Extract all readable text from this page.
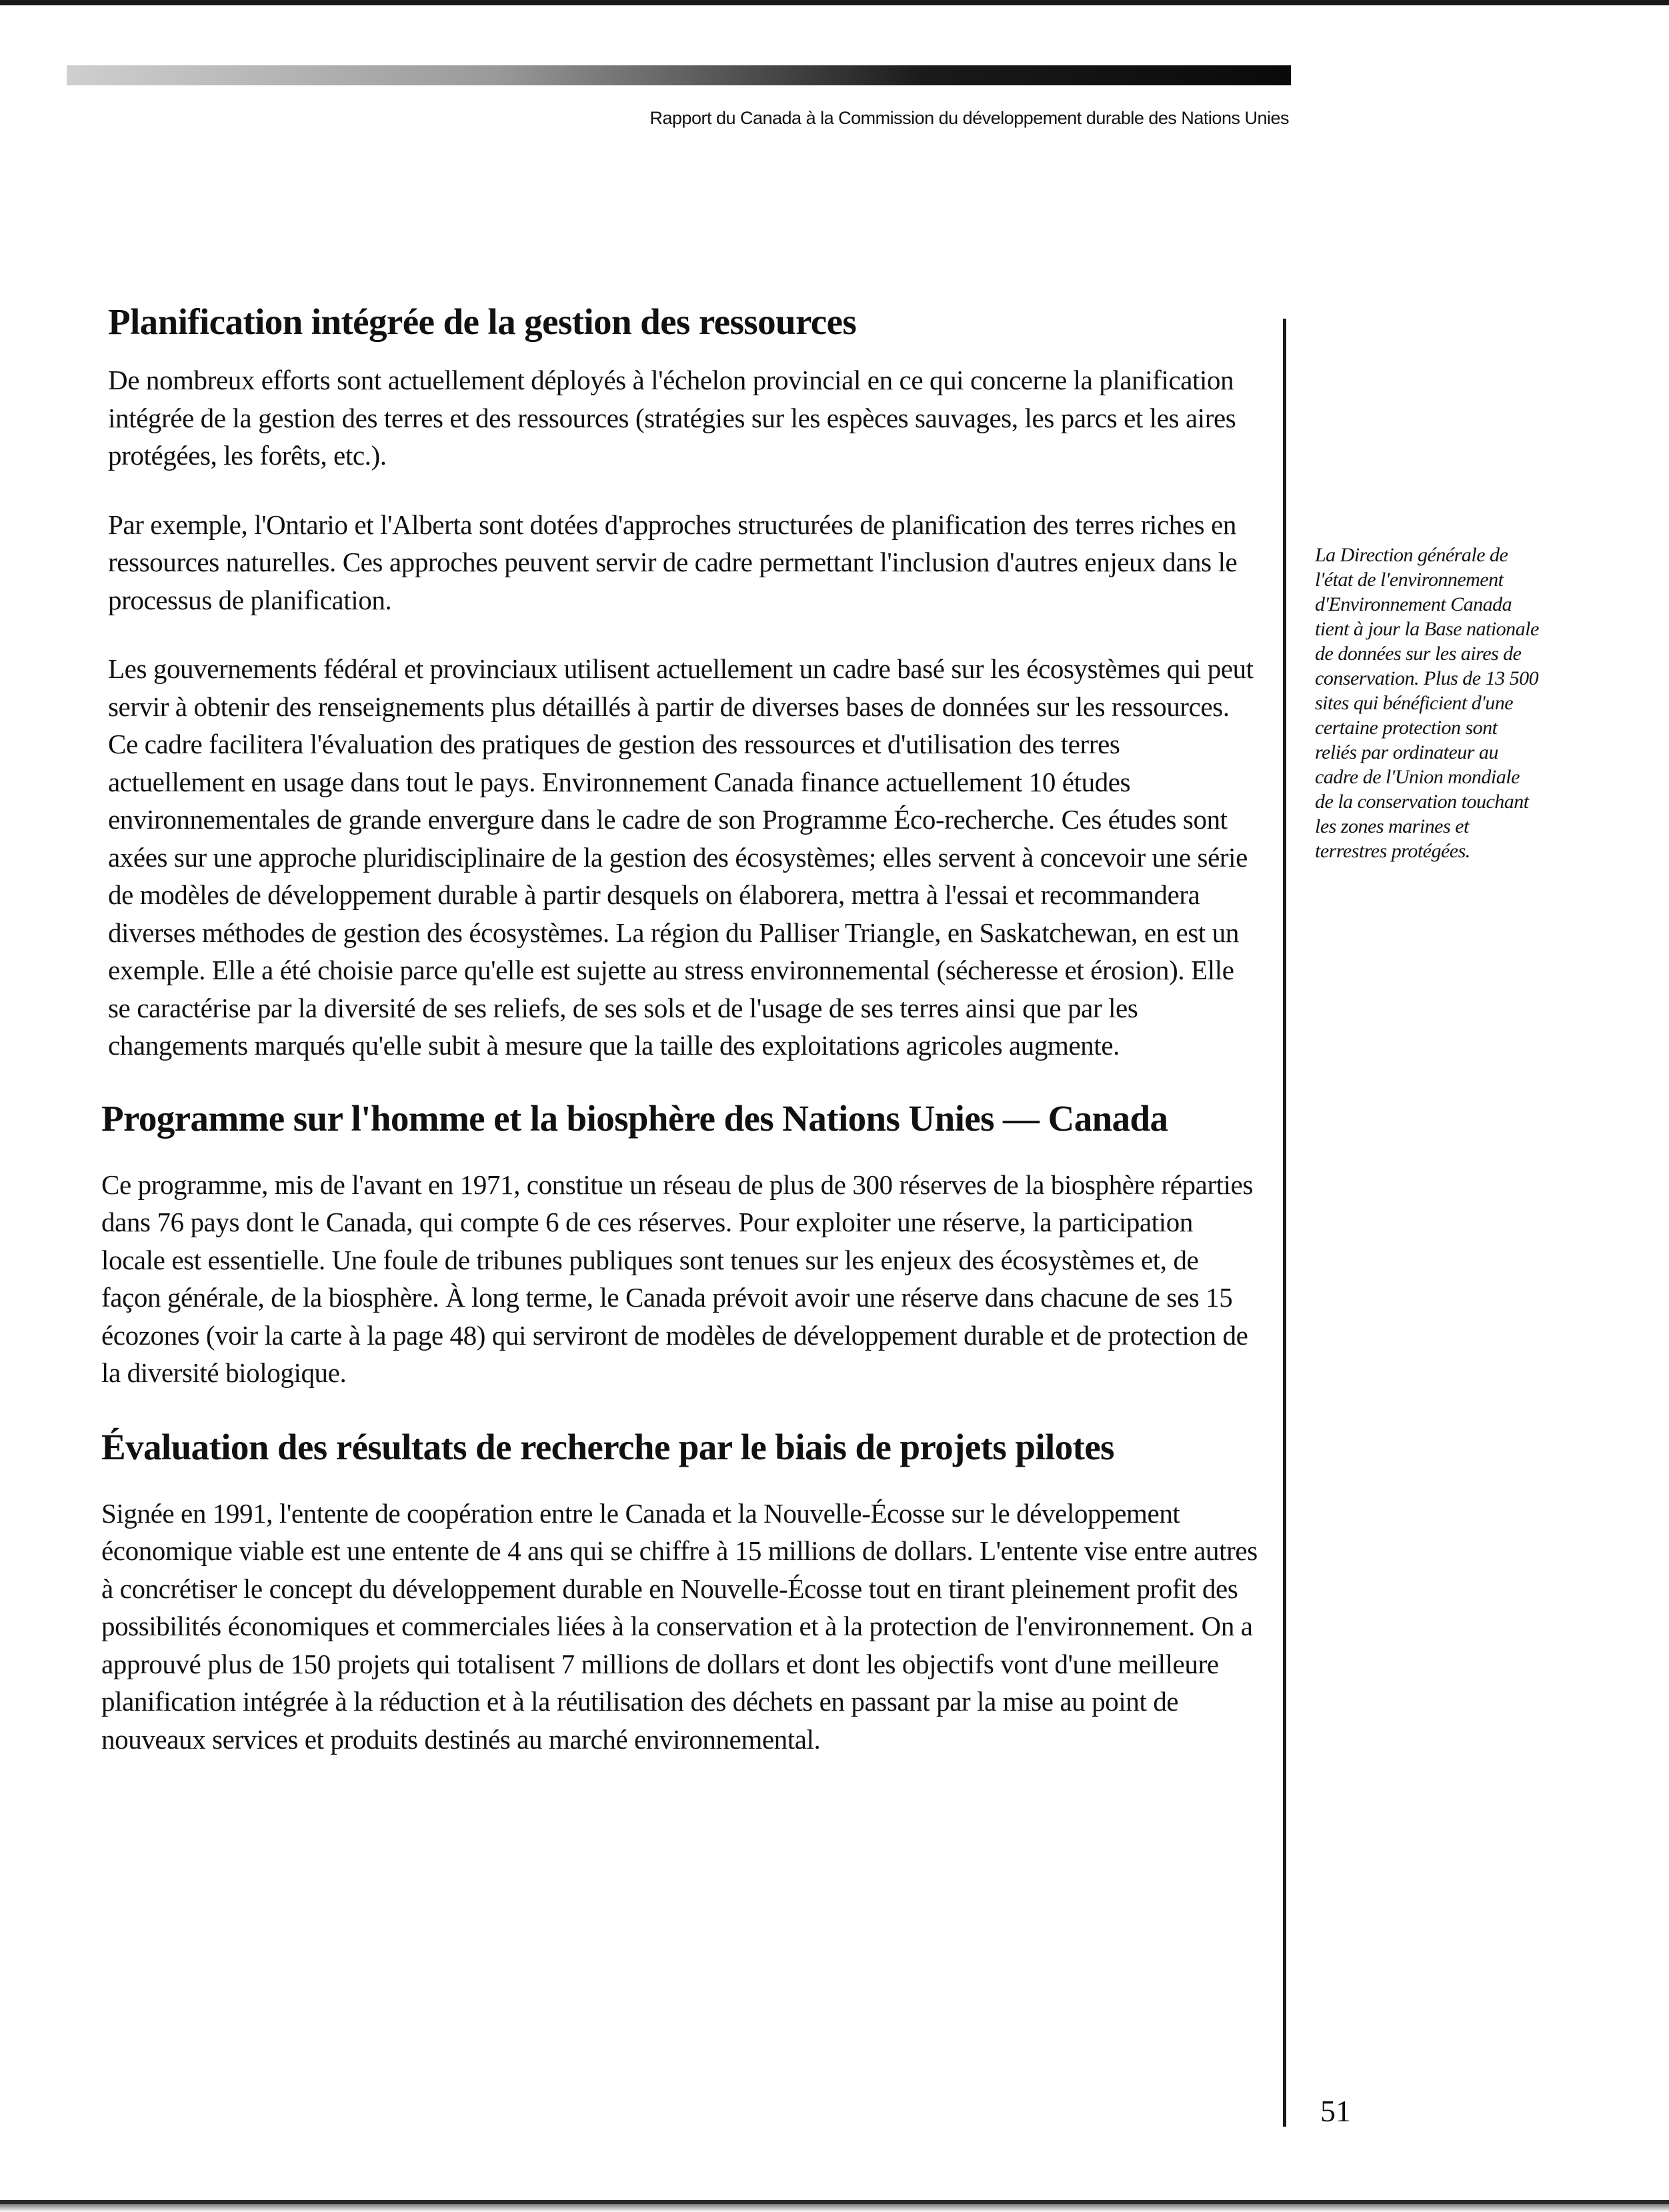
Rapport du Canada à la Commission du développement durable des Nations Unies
Planification intégrée de la gestion des ressources

De nombreux efforts sont actuellement déployés à l'échelon provincial en ce qui concerne la planification intégrée de la gestion des terres et des ressources (stratégies sur les espèces sauvages, les parcs et les aires protégées, les forêts, etc.).

Par exemple, l'Ontario et l'Alberta sont dotées d'approches structurées de planification des terres riches en ressources naturelles. Ces approches peuvent servir de cadre permettant l'inclusion d'autres enjeux dans le processus de planification.

Les gouvernements fédéral et provinciaux utilisent actuellement un cadre basé sur les écosystèmes qui peut servir à obtenir des renseignements plus détaillés à partir de diverses bases de données sur les ressources. Ce cadre facilitera l'évaluation des pratiques de gestion des ressources et d'utilisation des terres actuellement en usage dans tout le pays. Environnement Canada finance actuellement 10 études environnementales de grande envergure dans le cadre de son Programme Éco-recherche. Ces études sont axées sur une approche pluridisciplinaire de la gestion des écosystèmes; elles servent à concevoir une série de modèles de développement durable à partir desquels on élaborera, mettra à l'essai et recommandera diverses méthodes de gestion des écosystèmes. La région du Palliser Triangle, en Saskatchewan, en est un exemple. Elle a été choisie parce qu'elle est sujette au stress environnemental (sécheresse et érosion). Elle se caractérise par la diversité de ses reliefs, de ses sols et de l'usage de ses terres ainsi que par les changements marqués qu'elle subit à mesure que la taille des exploitations agricoles augmente.

Programme sur l'homme et la biosphère des Nations Unies — Canada

Ce programme, mis de l'avant en 1971, constitue un réseau de plus de 300 réserves de la biosphère réparties dans 76 pays dont le Canada, qui compte 6 de ces réserves. Pour exploiter une réserve, la participation locale est essentielle. Une foule de tribunes publiques sont tenues sur les enjeux des écosystèmes et, de façon générale, de la biosphère. À long terme, le Canada prévoit avoir une réserve dans chacune de ses 15 écozones (voir la carte à la page 48) qui serviront de modèles de développement durable et de protection de la diversité biologique.

Évaluation des résultats de recherche par le biais de projets pilotes

Signée en 1991, l'entente de coopération entre le Canada et la Nouvelle-Écosse sur le développement économique viable est une entente de 4 ans qui se chiffre à 15 millions de dollars. L'entente vise entre autres à concrétiser le concept du développement durable en Nouvelle-Écosse tout en tirant pleinement profit des possibilités économiques et commerciales liées à la conservation et à la protection de l'environnement. On a approuvé plus de 150 projets qui totalisent 7 millions de dollars et dont les objectifs vont d'une meilleure planification intégrée à la réduction et à la réutilisation des déchets en passant par la mise au point de nouveaux services et produits destinés au marché environnemental.

La Direction générale de l'état de l'environnement d'Environnement Canada tient à jour la Base nationale de données sur les aires de conservation. Plus de 13 500 sites qui bénéficient d'une certaine protection sont reliés par ordinateur au cadre de l'Union mondiale de la conservation touchant les zones marines et terrestres protégées.
51
